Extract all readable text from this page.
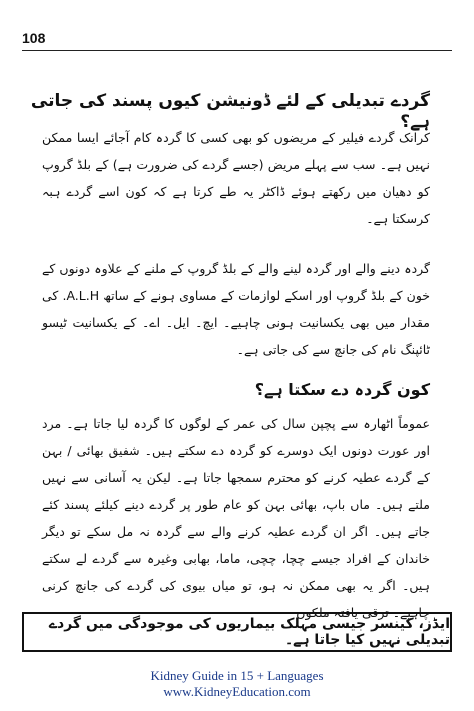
108
گردے تبدیلی کے لئے ڈونیشن کیوں پسند کی جاتی ہے؟
کرانک گردے فیلیر کے مریضوں کو بھی کسی کا گردہ کام آجائے ایسا ممکن نہیں ہے۔ سب سے پہلے مریض (جسے گردے کی ضرورت ہے) کے بلڈ گروپ کو دھیان میں رکھتے ہوئے ڈاکٹر یہ طے کرتا ہے کہ کون اسے گردے ہبہ کرسکتا ہے۔
گردہ دینے والے اور گردہ لینے والے کے بلڈ گروپ کے ملنے کے علاوہ دونوں کے خون کے بلڈ گروپ اور اسکے لوازمات کے مساوی ہونے کے ساتھ A.L.H. کی مقدار میں بھی یکسانیت ہونی چاہیے۔ ایچ۔ ایل۔ اے۔ کے یکسانیت ٹیسو ٹائپنگ نام کی جانچ سے کی جاتی ہے۔
کون گردہ دے سکتا ہے؟
عموماً اٹھارہ سے پچپن سال کی عمر کے لوگوں کا گردہ لیا جاتا ہے۔ مرد اور عورت دونوں ایک دوسرے کو گردہ دے سکتے ہیں۔ شفیق بھائی / بہن کے گردے عطیہ کرنے کو محترم سمجھا جاتا ہے۔ لیکن یہ آسانی سے نہیں ملتے ہیں۔ ماں باپ، بھائی بہن کو عام طور پر گردے دینے کیلئے پسند کئے جاتے ہیں۔ اگر ان گردے عطیہ کرنے والے سے گردہ نہ مل سکے تو دیگر خاندان کے افراد جیسے چچا، چچی، ماما، بھابی وغیرہ سے گردے لے سکتے ہیں۔ اگر یہ بھی ممکن نہ ہو، تو میاں بیوی کی گردے کی جانچ کرنی چاہیے۔ ترقی یافتہ ملکوں
ایڈز، کینسر جیسی مہلک بیماریوں کی موجودگی میں گردے تبدیلی نہیں کیا جاتا ہے۔
Kidney Guide in 15 + Languages
www.KidneyEducation.com
